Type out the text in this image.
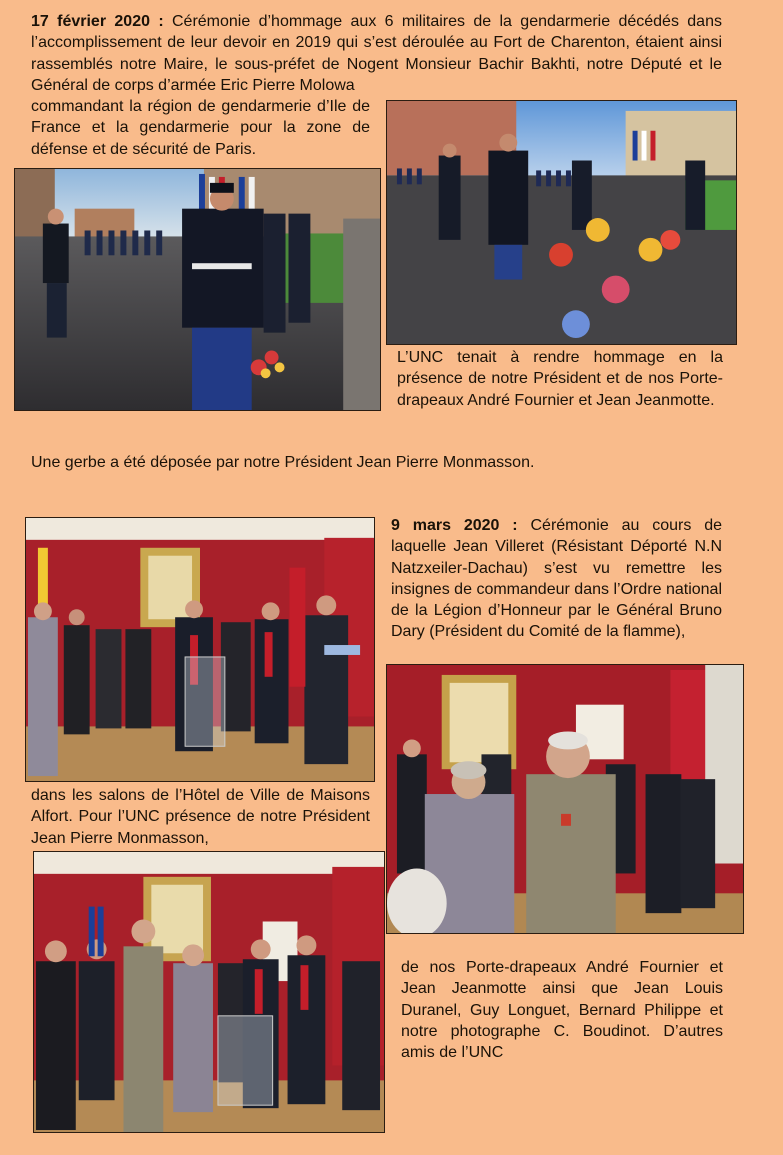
17 février 2020 : Cérémonie d’hommage aux 6 militaires de la gendarmerie décédés dans l’accomplissement de leur devoir en 2019 qui s’est déroulée au Fort de Charenton, étaient ainsi rassemblés notre Maire, le sous-préfet de Nogent Monsieur Bachir Bakhti, notre Député et le Général de corps d’armée Eric Pierre Molowa

commandant la région de gendarmerie d’Ile de France et la gendarmerie pour la zone de défense et de sécurité de Paris.

L’UNC tenait à rendre hommage en la présence de notre Président et de nos Porte-drapeaux André Fournier et Jean Jeanmotte.

Une gerbe a été déposée par notre Président Jean Pierre Monmasson.

9 mars 2020 : Cérémonie au cours de laquelle Jean Villeret (Résistant Déporté N.N Natzxeiler-Dachau) s’est vu remettre les insignes de commandeur dans l’Ordre national de la Légion d’Honneur par le Général Bruno Dary (Président du Comité de la flamme),

dans les salons de l’Hôtel de Ville de Maisons Alfort. Pour l’UNC présence de notre Président Jean Pierre Monmasson,

de nos Porte-drapeaux André Fournier et Jean Jeanmotte ainsi que Jean Louis Duranel, Guy Longuet, Bernard Philippe et notre photographe C. Boudinot. D’autres amis de l’UNC
